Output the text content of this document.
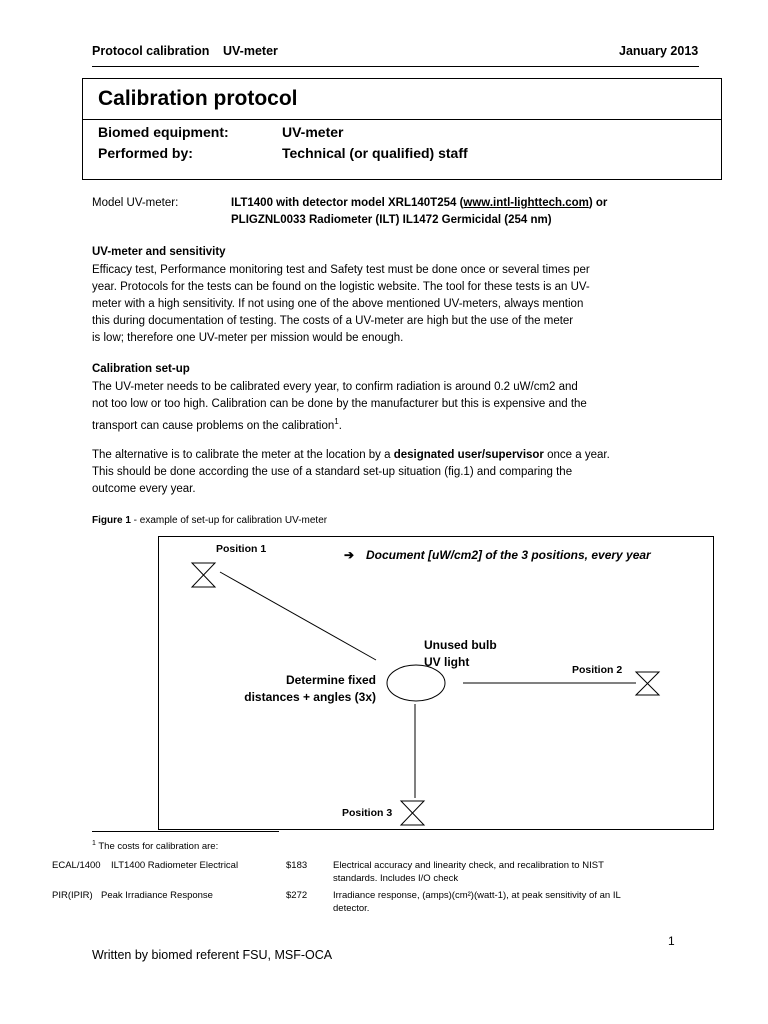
Protocol calibration UV-meter	January 2013
Calibration protocol
Biomed equipment:	UV-meter
Performed by:	Technical (or qualified) staff
Model UV-meter:	ILT1400 with detector model XRL140T254 (www.intl-lighttech.com) or
PLIGZNL0033 Radiometer (ILT) IL1472 Germicidal (254 nm)
UV-meter and sensitivity

Efficacy test, Performance monitoring test and Safety test must be done once or several times per

year. Protocols for the tests can be found on the logistic website. The tool for these tests is an UV-

meter with a high sensitivity. If not using one of the above mentioned UV-meters, always mention

this during documentation of testing. The costs of a UV-meter are high but the use of the meter

is low; therefore one UV-meter per mission would be enough.

Calibration set-up

The UV-meter needs to be calibrated every year, to confirm radiation is around 0.2 uW/cm2 and

not too low or too high. Calibration can be done by the manufacturer but this is expensive and the

transport can cause problems on the calibration$^1$.

The alternative is to calibrate the meter at the location by a designated user/supervisor once a year.

This should be done according the use of a standard set-up situation (fig.1) and comparing the

outcome every year.

Figure 1 - example of set-up for calibration UV-meter
Position 1
Position 2
Position 3
➔ Document [uW/cm2] of the 3 positions, every year
Unused bulb
UV light
Determine fixed
distances + angles (3x)
$^1$ The costs for calibration are:
ECAL/1400 ILT1400 Radiometer Electrical	$183	Electrical accuracy and linearity check, and recalibration to NIST
standards. Includes I/O check
PIR(IPIR) Peak Irradiance Response	$272	Irradiance response, (amps)(cm²)(watt-1), at peak sensitivity of an IL
detector.
1
Written by biomed referent FSU, MSF-OCA
